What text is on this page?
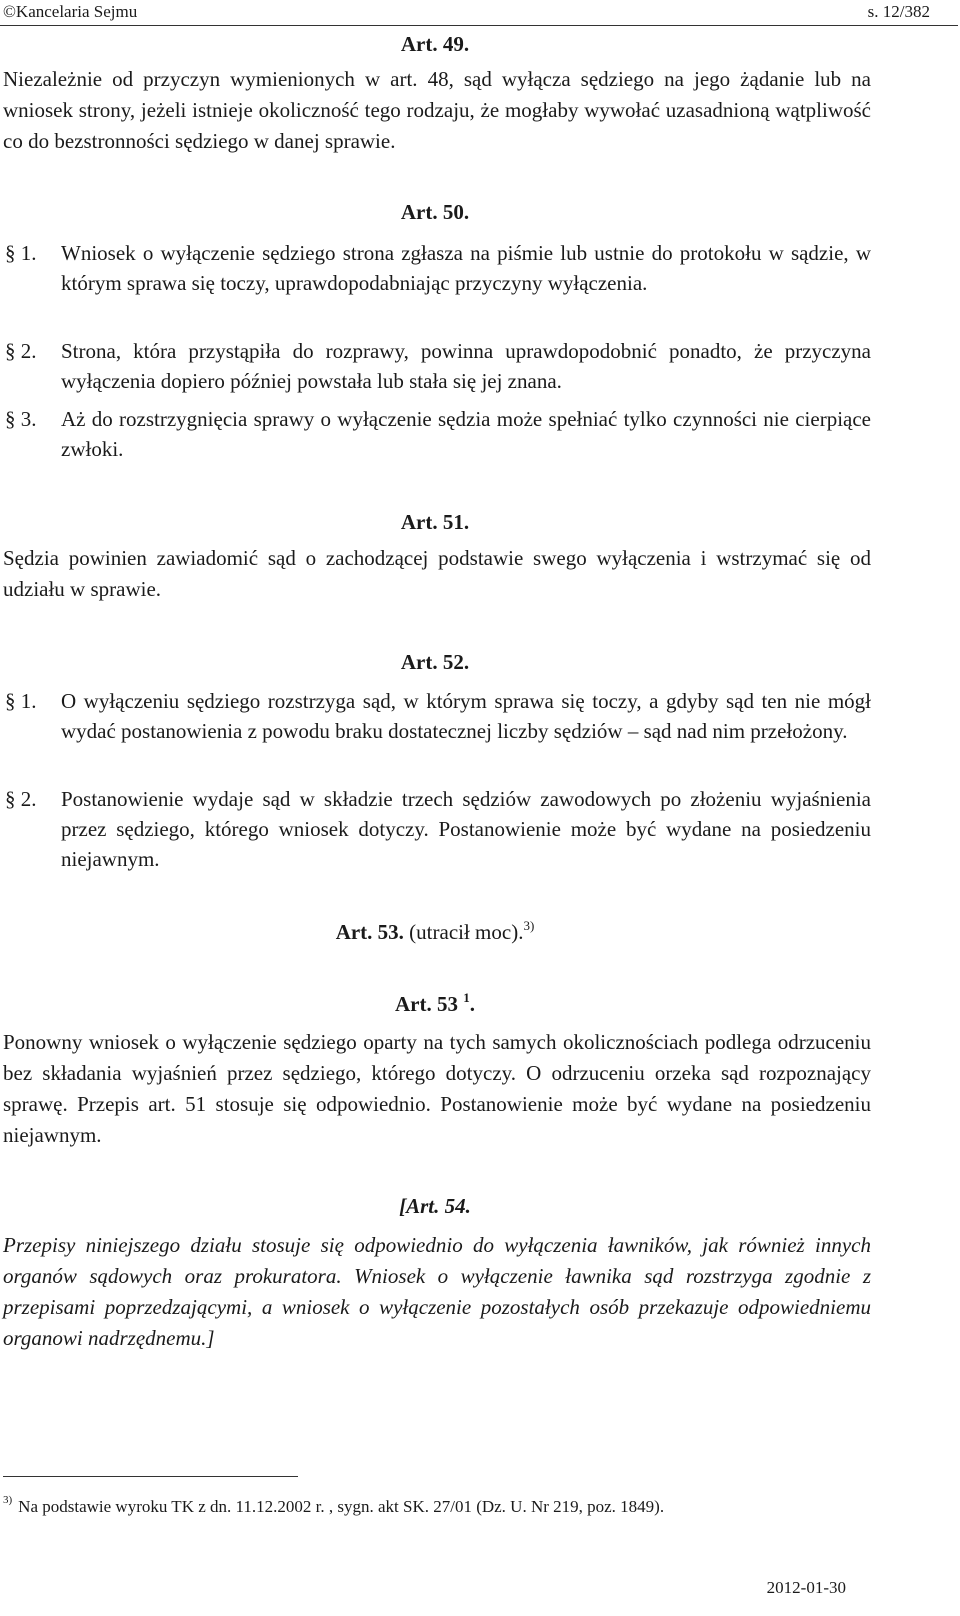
©Kancelaria Sejmu	s. 12/382
Art. 49.
Niezależnie od przyczyn wymienionych w art. 48, sąd wyłącza sędziego na jego żądanie lub na wniosek strony, jeżeli istnieje okoliczność tego rodzaju, że mogłaby wywołać uzasadnioną wątpliwość co do bezstronności sędziego w danej sprawie.
Art. 50.
§ 1. Wniosek o wyłączenie sędziego strona zgłasza na piśmie lub ustnie do protokołu w sądzie, w którym sprawa się toczy, uprawdopodabniając przyczyny wyłączenia.
§ 2. Strona, która przystąpiła do rozprawy, powinna uprawdopodobnić ponadto, że przyczyna wyłączenia dopiero później powstała lub stała się jej znana.
§ 3. Aż do rozstrzygnięcia sprawy o wyłączenie sędzia może spełniać tylko czynności nie cierpiące zwłoki.
Art. 51.
Sędzia powinien zawiadomić sąd o zachodzącej podstawie swego wyłączenia i wstrzymać się od udziału w sprawie.
Art. 52.
§ 1. O wyłączeniu sędziego rozstrzyga sąd, w którym sprawa się toczy, a gdyby sąd ten nie mógł wydać postanowienia z powodu braku dostatecznej liczby sędziów – sąd nad nim przełożony.
§ 2. Postanowienie wydaje sąd w składzie trzech sędziów zawodowych po złożeniu wyjaśnienia przez sędziego, którego wniosek dotyczy. Postanowienie może być wydane na posiedzeniu niejawnym.
Art. 53. (utracił moc).$^{3)}$
Art. 53 $^1$.
Ponowny wniosek o wyłączenie sędziego oparty na tych samych okolicznościach podlega odrzuceniu bez składania wyjaśnień przez sędziego, którego dotyczy. O odrzuceniu orzeka sąd rozpoznający sprawę. Przepis art. 51 stosuje się odpowiednio. Postanowienie może być wydane na posiedzeniu niejawnym.
[Art. 54.
Przepisy niniejszego działu stosuje się odpowiednio do wyłączenia ławników, jak również innych organów sądowych oraz prokuratora. Wniosek o wyłączenie ławnika sąd rozstrzyga zgodnie z przepisami poprzedzającymi, a wniosek o wyłączenie pozostałych osób przekazuje odpowiedniemu organowi nadrzędnemu.]
$^{3)}$ Na podstawie wyroku TK z dn. 11.12.2002 r. , sygn. akt SK. 27/01 (Dz. U. Nr 219, poz. 1849).
2012-01-30
